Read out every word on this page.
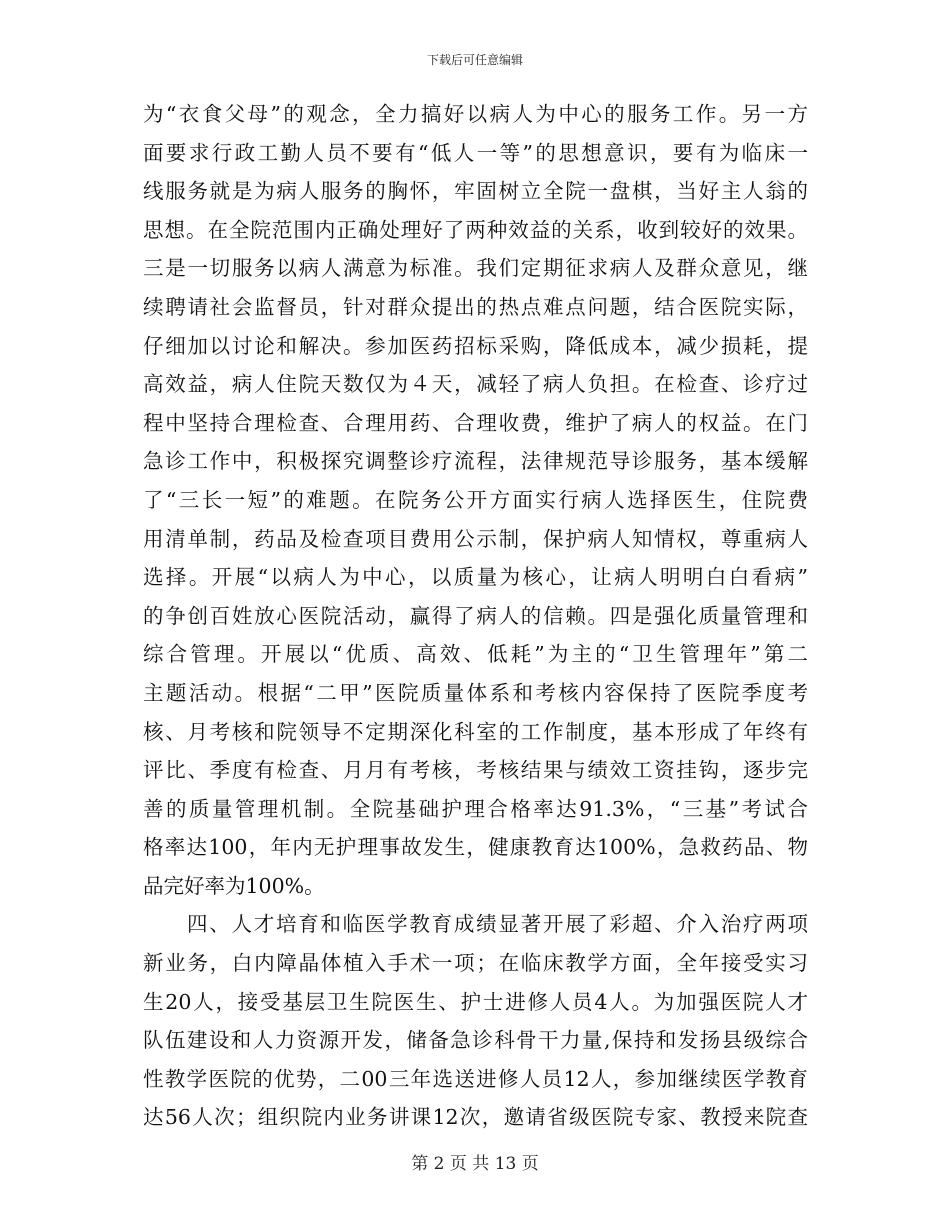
下载后可任意编辑
为“衣食父母”的观念，全力搞好以病人为中心的服务工作。另一方
面要求行政工勤人员不要有“低人一等”的思想意识，要有为临床一
线服务就是为病人服务的胸怀，牢固树立全院一盘棋，当好主人翁的
思想。在全院范围内正确处理好了两种效益的关系，收到较好的效果。
三是一切服务以病人满意为标准。我们定期征求病人及群众意见，继
续聘请社会监督员，针对群众提出的热点难点问题，结合医院实际，
仔细加以讨论和解决。参加医药招标采购，降低成本，减少损耗，提
高效益，病人住院天数仅为４天，减轻了病人负担。在检查、诊疗过
程中坚持合理检查、合理用药、合理收费，维护了病人的权益。在门
急诊工作中，积极探究调整诊疗流程，法律规范导诊服务，基本缓解
了“三长一短”的难题。在院务公开方面实行病人选择医生，住院费
用清单制，药品及检查项目费用公示制，保护病人知情权，尊重病人
选择。开展“以病人为中心，以质量为核心，让病人明明白白看病”
的争创百姓放心医院活动，赢得了病人的信赖。四是强化质量管理和
综合管理。开展以“优质、高效、低耗”为主的“卫生管理年”第二
主题活动。根据“二甲”医院质量体系和考核内容保持了医院季度考
核、月考核和院领导不定期深化科室的工作制度，基本形成了年终有
评比、季度有检查、月月有考核，考核结果与绩效工资挂钩，逐步完
善的质量管理机制。全院基础护理合格率达91.3%，“三基”考试合
格率达100，年内无护理事故发生，健康教育达100%，急救药品、物
品完好率为100%。
四、人才培育和临医学教育成绩显著开展了彩超、介入治疗两项
新业务，白内障晶体植入手术一项；在临床教学方面，全年接受实习
生20人，接受基层卫生院医生、护士进修人员4人。为加强医院人才
队伍建设和人力资源开发，储备急诊科骨干力量,保持和发扬县级综合
性教学医院的优势，二00三年选送进修人员12人，参加继续医学教育
达56人次；组织院内业务讲课12次，邀请省级医院专家、教授来院查
第 2 页 共 13 页
